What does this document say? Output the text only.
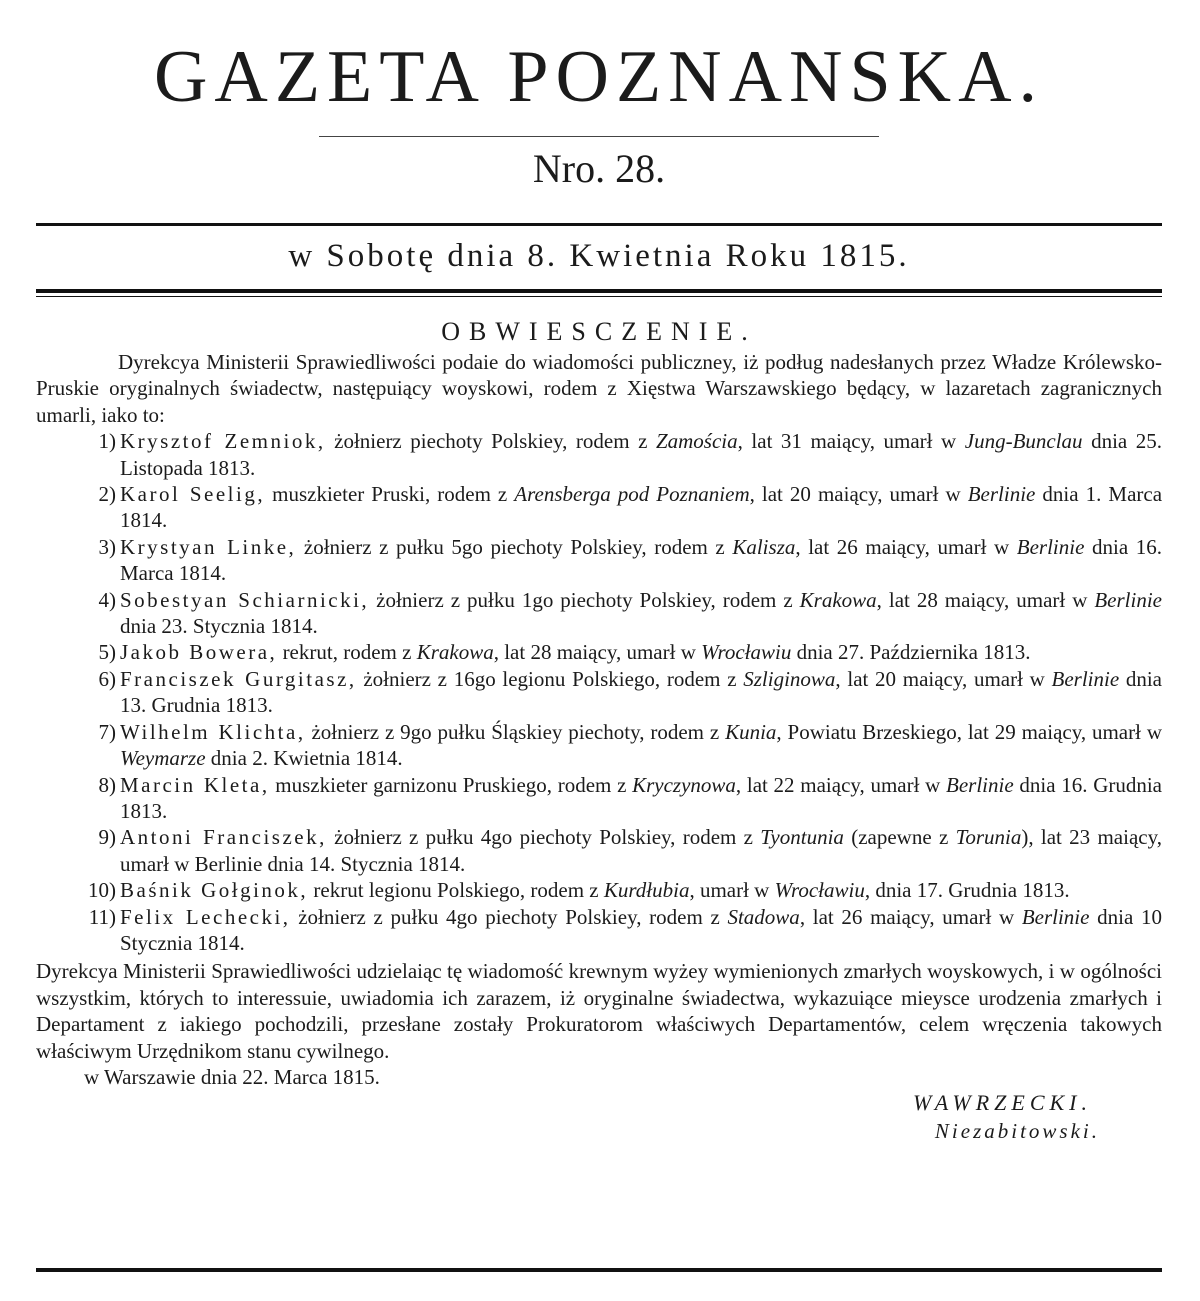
GAZETA POZNANSKA.
Nro. 28.
w Sobotę dnia 8. Kwietnia Roku 1815.
OBWIESCZENIE.

Dyrekcya Ministerii Sprawiedliwości podaie do wiadomości publiczney, iż podług nadesłanych przez Władze Królewsko-Pruskie oryginalnych świadectw, następuiący woyskowi, rodem z Xięstwa Warszawskiego będący, w lazaretach zagranicznych umarli, iako to:

1) Krysztof Zemniok, żołnierz piechoty Polskiey, rodem z Zamościa, lat 31 maiący, umarł w Jung-Bunclau dnia 25. Listopada 1813.
2) Karol Seelig, muszkieter Pruski, rodem z Arensberga pod Poznaniem, lat 20 maiący, umarł w Berlinie dnia 1. Marca 1814.
3) Krystyan Linke, żołnierz z pułku 5go piechoty Polskiey, rodem z Kalisza, lat 26 maiący, umarł w Berlinie dnia 16. Marca 1814.
4) Sobestyan Schiarnicki, żołnierz z pułku 1go piechoty Polskiey, rodem z Krakowa, lat 28 maiący, umarł w Berlinie dnia 23. Stycznia 1814.
5) Jakob Bowera, rekrut, rodem z Krakowa, lat 28 maiący, umarł w Wrocławiu dnia 27. Października 1813.
6) Franciszek Gurgitasz, żołnierz z 16go legionu Polskiego, rodem z Szliginowa, lat 20 maiący, umarł w Berlinie dnia 13. Grudnia 1813.
7) Wilhelm Klichta, żołnierz z 9go pułku Śląskiey piechoty, rodem z Kunia, Powiatu Brzeskiego, lat 29 maiący, umarł w Weymarze dnia 2. Kwietnia 1814.
8) Marcin Kleta, muszkieter garnizonu Pruskiego, rodem z Kryczynowa, lat 22 maiący, umarł w Berlinie dnia 16. Grudnia 1813.
9) Antoni Franciszek, żołnierz z pułku 4go piechoty Polskiey, rodem z Tyontunia (zapewne z Torunia), lat 23 maiący, umarł w Berlinie dnia 14. Stycznia 1814.
10) Baśnik Gołginok, rekrut legionu Polskiego, rodem z Kurdłubia, umarł w Wrocławiu, dnia 17. Grudnia 1813.
11) Felix Lechecki, żołnierz z pułku 4go piechoty Polskiey, rodem z Stadowa, lat 26 maiący, umarł w Berlinie dnia 10 Stycznia 1814.

Dyrekcya Ministerii Sprawiedliwości udzielaiąc tę wiadomość krewnym wyżey wymienionych zmarłych woyskowych, i w ogólności wszystkim, których to interessuie, uwiadomia ich zarazem, iż oryginalne świadectwa, wykazuiące mieysce urodzenia zmarłych i Departament z iakiego pochodzili, przesłane zostały Prokuratorom właściwych Departamentów, celem wręczenia takowych właściwym Urzędnikom stanu cywilnego.

w Warszawie dnia 22. Marca 1815.
WAWRZECKI.
Niezabitowski.
